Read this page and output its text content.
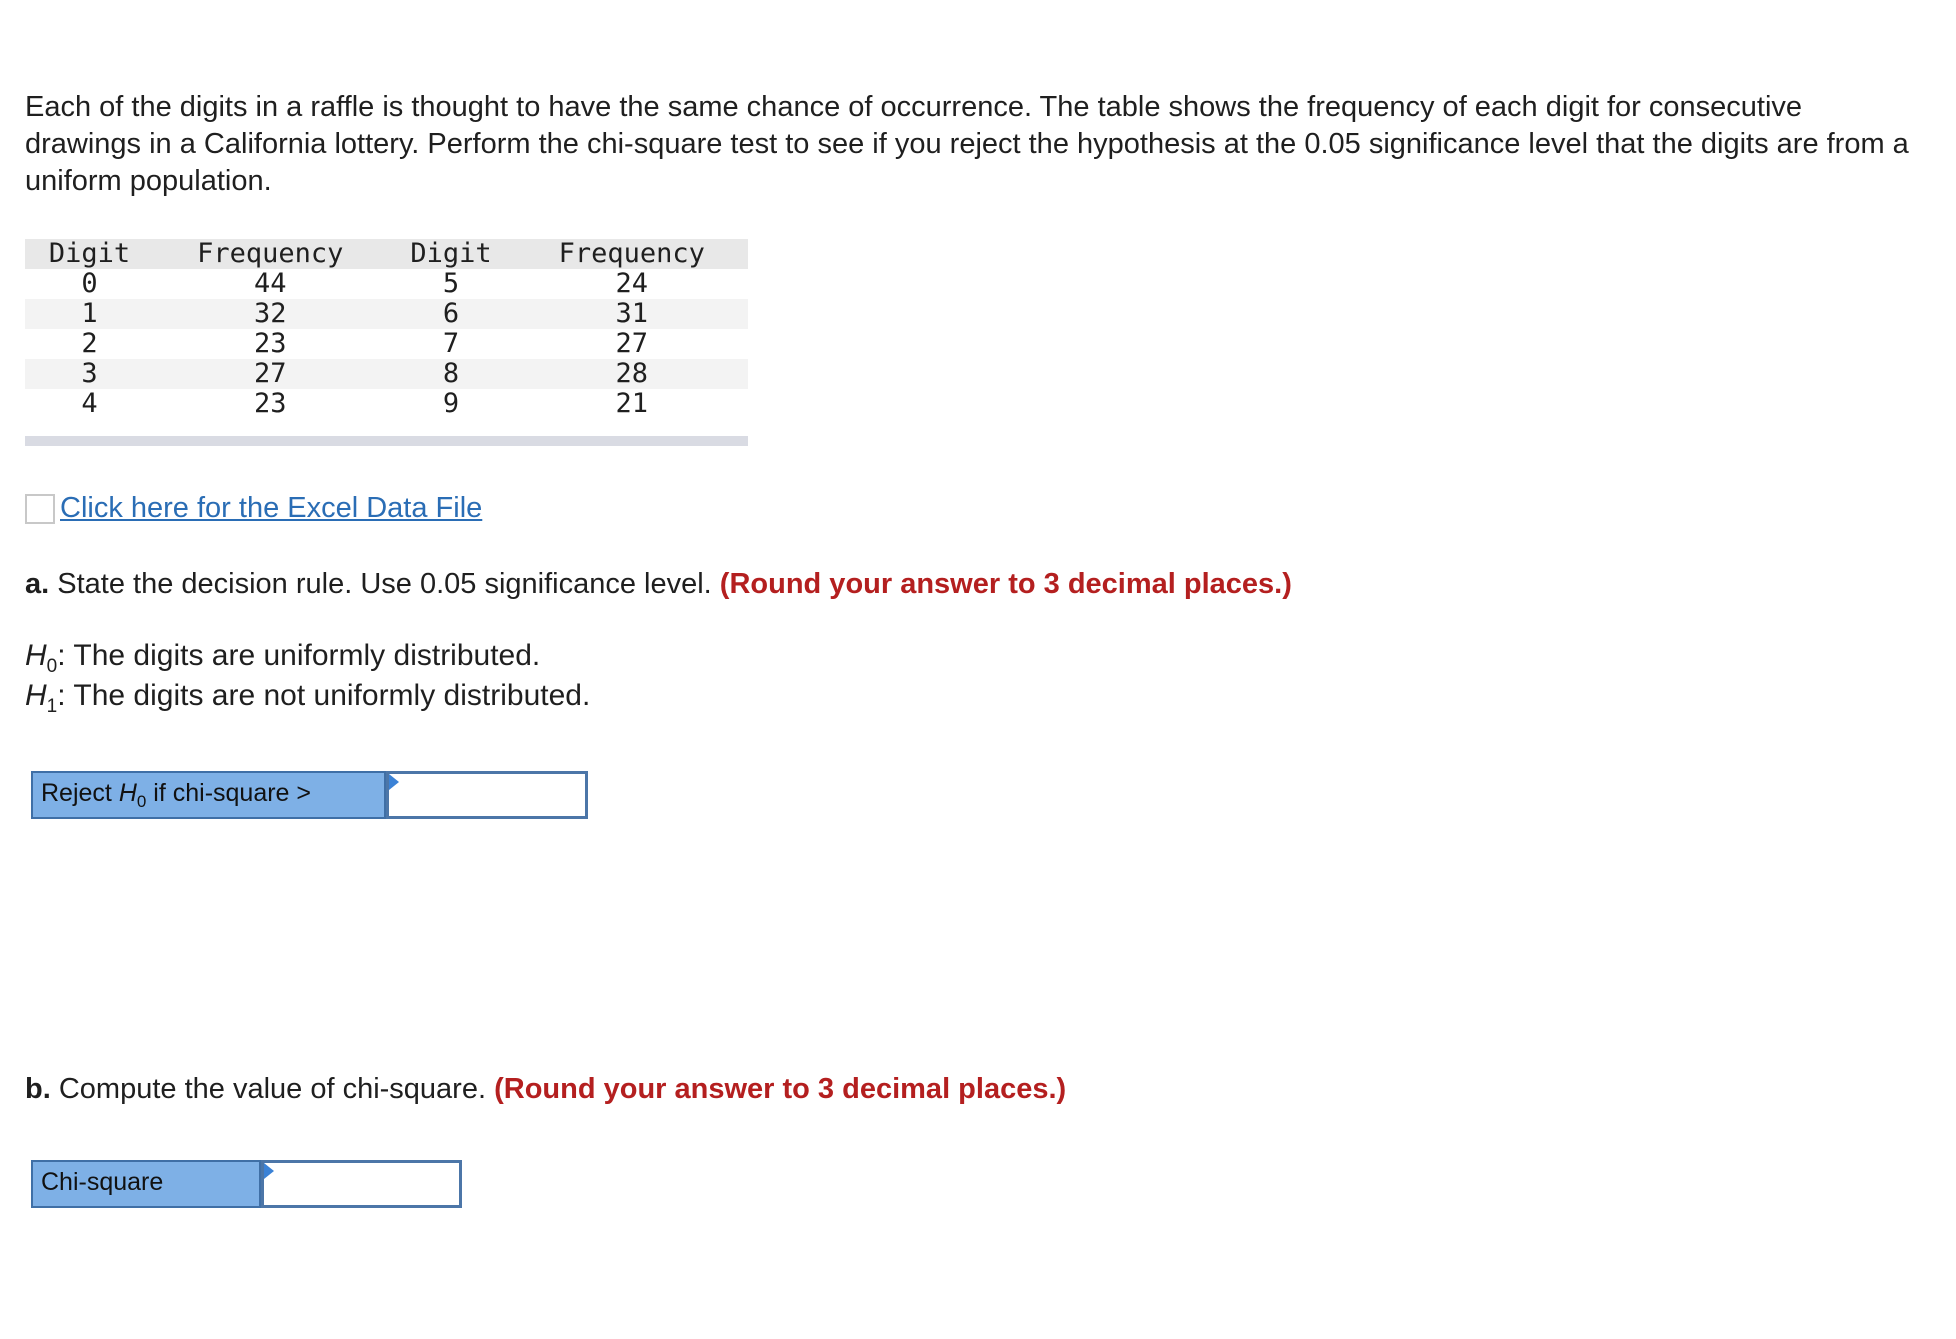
Each of the digits in a raffle is thought to have the same chance of occurrence. The table shows the frequency of each digit for consecutive drawings in a California lottery. Perform the chi-square test to see if you reject the hypothesis at the 0.05 significance level that the digits are from a uniform population.

Digit	Frequency	Digit	Frequency
0	44	5	24
1	32	6	31
2	23	7	27
3	27	8	28
4	23	9	21

Click here for the Excel Data File

a. State the decision rule. Use 0.05 significance level. (Round your answer to 3 decimal places.)

$H_0$: The digits are uniformly distributed.

$H_1$: The digits are not uniformly distributed.

Reject $H_0$ if chi-square >

b. Compute the value of chi-square. (Round your answer to 3 decimal places.)

Chi-square
